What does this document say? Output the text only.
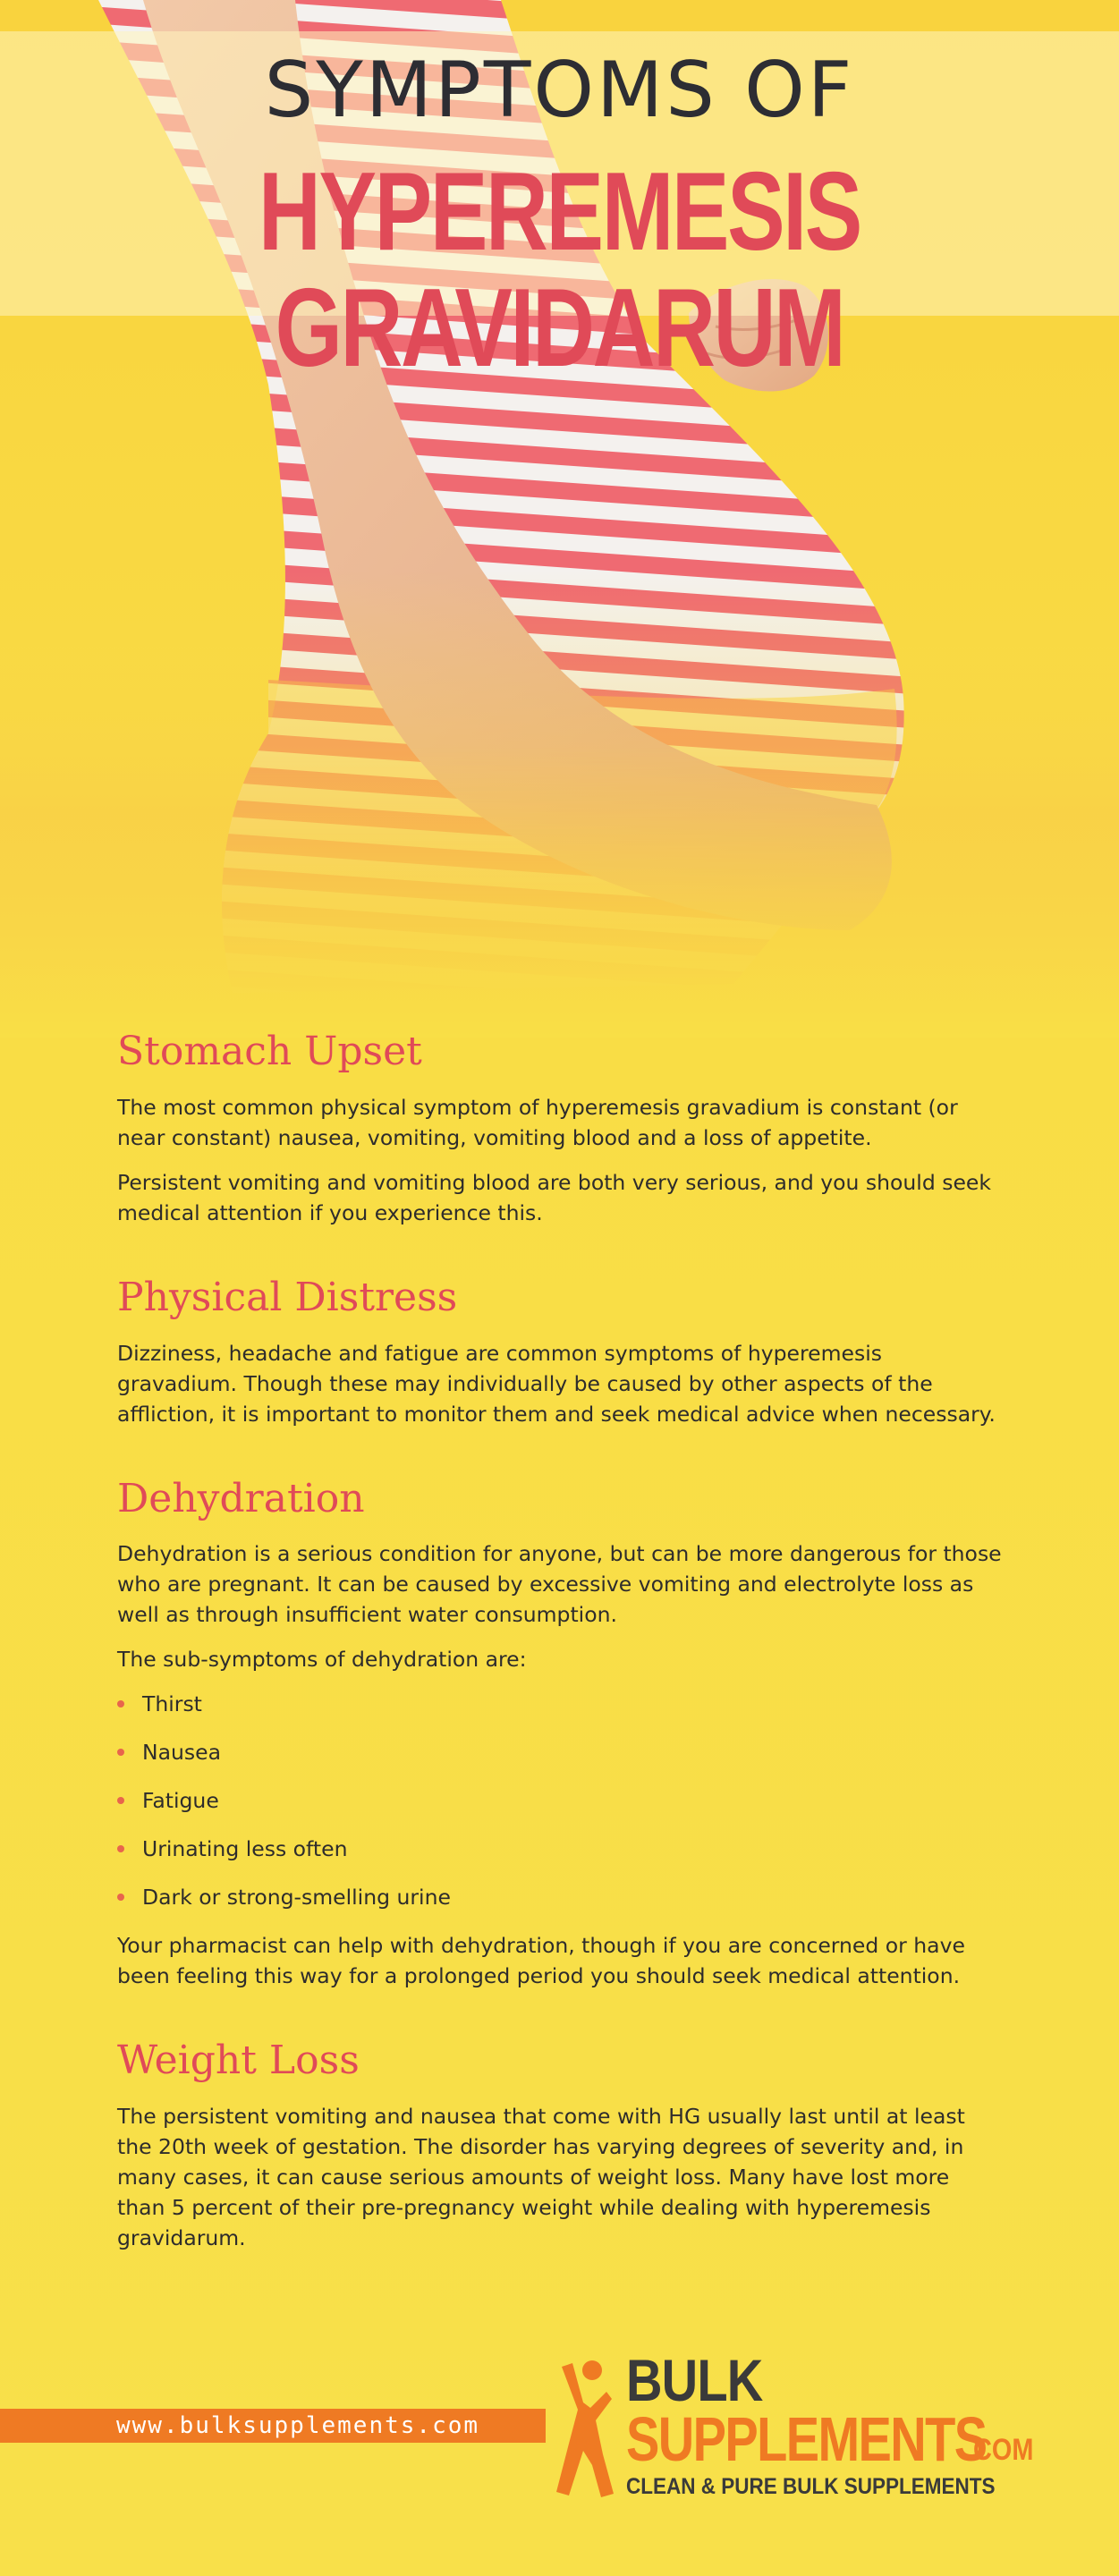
SYMPTOMS OF
HYPEREMESIS GRAVIDARUM
Stomach Upset

The most common physical symptom of hyperemesis gravadium is constant (or near constant) nausea, vomiting, vomiting blood and a loss of appetite.

Persistent vomiting and vomiting blood are both very serious, and you should seek medical attention if you experience this.

Physical Distress

Dizziness, headache and fatigue are common symptoms of hyperemesis gravadium. Though these may individually be caused by other aspects of the affliction, it is important to monitor them and seek medical advice when necessary.

Dehydration

Dehydration is a serious condition for anyone, but can be more dangerous for those who are pregnant. It can be caused by excessive vomiting and electrolyte loss as well as through insufficient water consumption.

The sub-symptoms of dehydration are:

Thirst
Nausea
Fatigue
Urinating less often
Dark or strong-smelling urine

Your pharmacist can help with dehydration, though if you are concerned or have been feeling this way for a prolonged period you should seek medical attention.

Weight Loss

The persistent vomiting and nausea that come with HG usually last until at least the 20th week of gestation. The disorder has varying degrees of severity and, in many cases, it can cause serious amounts of weight loss. Many have lost more than 5 percent of their pre-pregnancy weight while dealing with hyperemesis gravidarum.

www.bulksupplements.com
BULK
SUPPLEMENTS
.COM
CLEAN & PURE BULK SUPPLEMENTS
